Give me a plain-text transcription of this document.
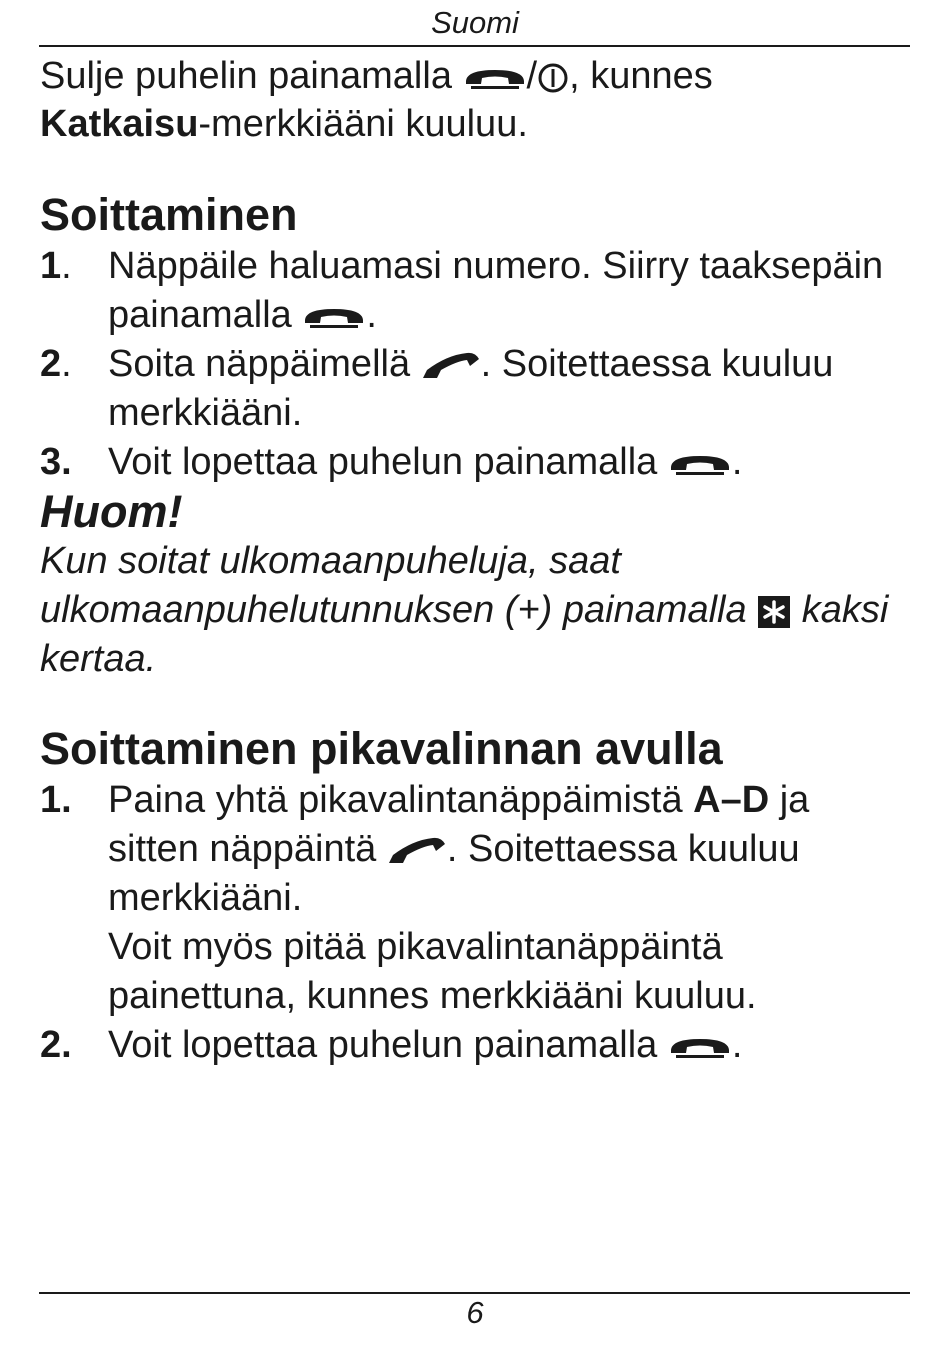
Suomi

Sulje puhelin painamalla
/ , kunnes
Katkaisu-merkkiääni kuuluu.

Soittaminen
1. Näppäile haluamasi numero. Siirry taaksepäin painamalla
.
2. Soita näppäimellä
. Soitettaessa kuuluu merkkiääni.
3. Voit lopettaa puhelun painamalla
.
Huom!

Kun soitat ulkomaanpuheluja, saat ulkomaanpuhelutunnuksen (+) painamalla
kaksi kertaa.

Soittaminen pikavalinnan avulla
1. Paina yhtä pikavalintanäppäimistä A–D ja sitten näppäintä
. Soitettaessa kuuluu merkkiääni.
Voit myös pitää pikavalintanäppäintä painettuna, kunnes merkkiääni kuuluu.
2. Voit lopettaa puhelun painamalla
.
6
